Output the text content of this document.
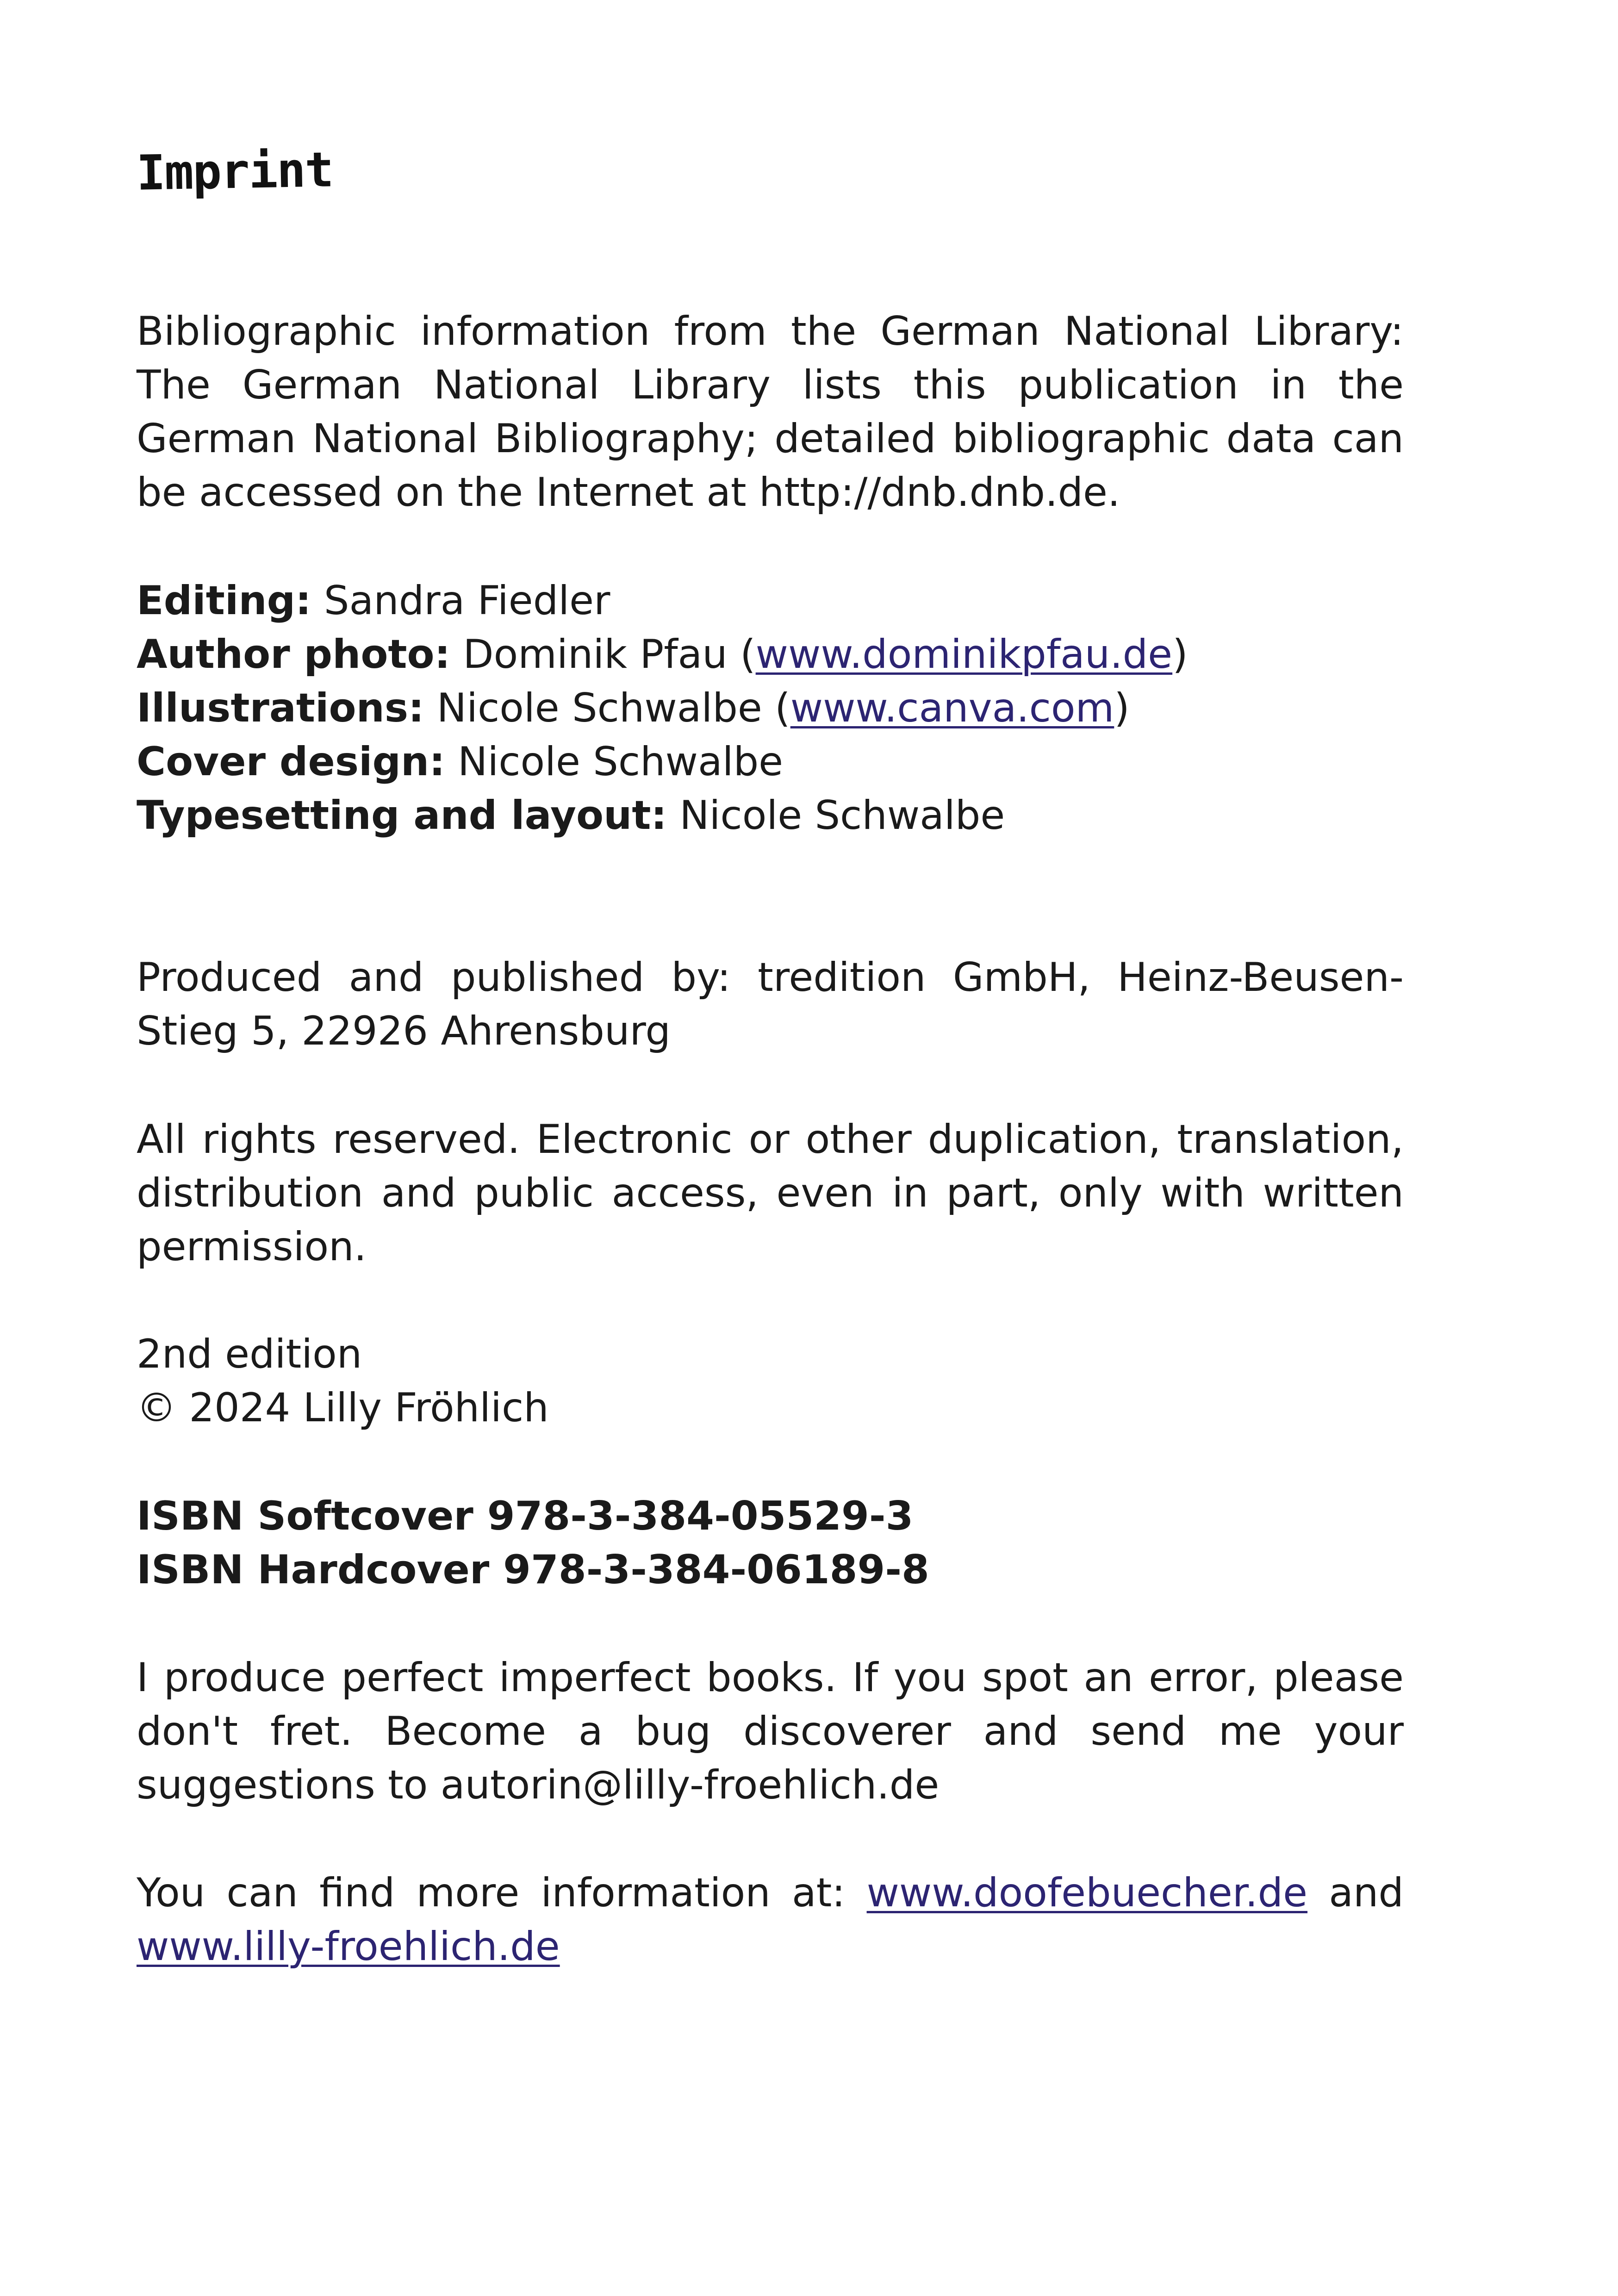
Imprint
Bibliographic information from the German National Library:
The German National Library lists this publication in the
German National Bibliography; detailed bibliographic data can
be accessed on the Internet at http://dnb.dnb.de.
Editing: Sandra Fiedler
Author photo: Dominik Pfau (www.dominikpfau.de)
Illustrations: Nicole Schwalbe (www.canva.com)
Cover design: Nicole Schwalbe
Typesetting and layout: Nicole Schwalbe
Produced and published by: tredition GmbH, Heinz-Beusen-
Stieg 5, 22926 Ahrensburg
All rights reserved. Electronic or other duplication, translation,
distribution and public access, even in part, only with written
permission.
2nd edition
© 2024 Lilly Fröhlich
ISBN Softcover 978-3-384-05529-3
ISBN Hardcover 978-3-384-06189-8
I produce perfect imperfect books. If you spot an error, please
don't fret. Become a bug discoverer and send me your
suggestions to autorin@lilly-froehlich.de
You can find more information at: www.doofebuecher.de and
www.lilly-froehlich.de
